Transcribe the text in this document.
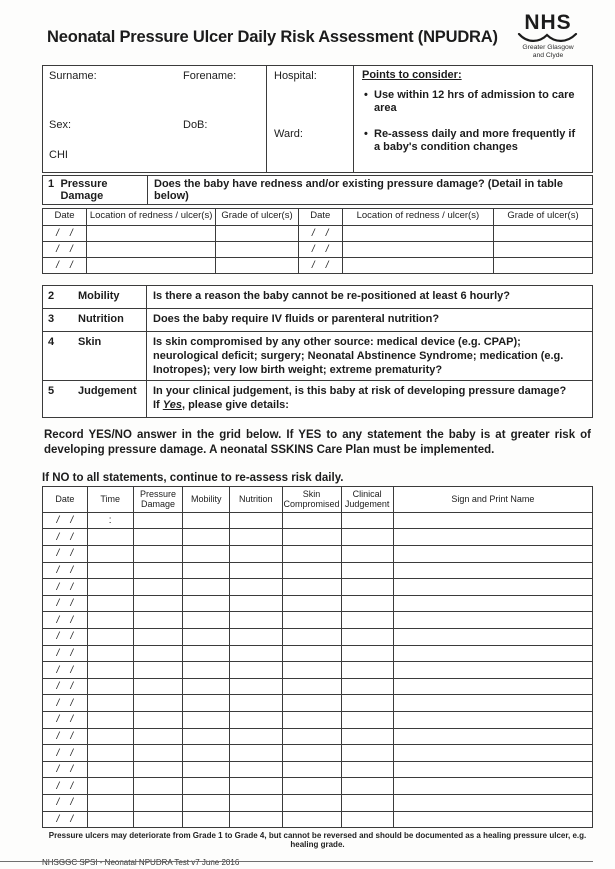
Neonatal Pressure Ulcer Daily Risk Assessment (NPUDRA)
NHS
Greater Glasgow
and Clyde
Surname:	Forename:
Sex:	DoB:
CHI
Hospital:
Ward:
Points to consider:
• Use within 12 hrs of admission to care area
• Re-assess daily and more frequently if a baby's condition changes
1 Pressure Damage
Does the baby have redness and/or existing pressure damage? (Detail in table below)
Date	Location of redness / ulcer(s)	Grade of ulcer(s)	Date	Location of redness / ulcer(s)	Grade of ulcer(s)
/    /			/    /		
/    /			/    /		
/    /			/    /		
2 Mobility	Is there a reason the baby cannot be re-positioned at least 6 hourly?
3 Nutrition	Does the baby require IV fluids or parenteral nutrition?
4 Skin	Is skin compromised by any other source: medical device (e.g. CPAP); neurological deficit; surgery; Neonatal Abstinence Syndrome; medication (e.g. Inotropes); very low birth weight; extreme prematurity?
5 Judgement	In your clinical judgement, is this baby at risk of developing pressure damage?
If Yes, please give details:

Record YES/NO answer in the grid below. If YES to any statement the baby is at greater risk of developing pressure damage. A neonatal SSKINS Care Plan must be implemented.

If NO to all statements, continue to re-assess risk daily.

Date	Time	Pressure Damage	Mobility	Nutrition	Skin Compromised	Clinical Judgement	Sign and Print Name
/    /	:						
/    /							
/    /							
/    /							
/    /							
/    /							
/    /							
/    /							
/    /							
/    /							
/    /							
/    /							
/    /							
/    /							
/    /							
/    /							
/    /							
/    /							
/    /							

Pressure ulcers may deteriorate from Grade 1 to Grade 4, but cannot be reversed and should be documented as a healing pressure ulcer, e.g. healing grade.

NHSGGC SPSI - Neonatal NPUDRA Test v7 June 2016
